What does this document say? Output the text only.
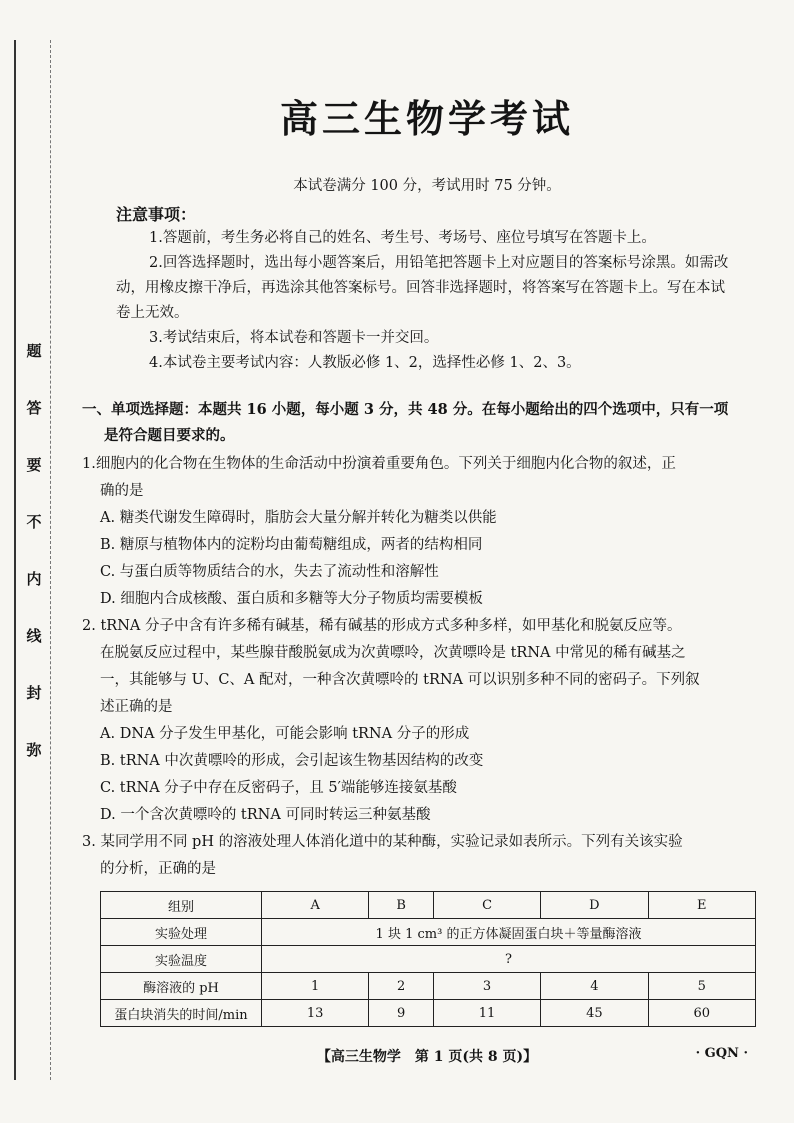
题
答
要
不
内
线
封
弥
高三生物学考试
本试卷满分 100 分，考试用时 75 分钟。
注意事项：

1.答题前，考生务必将自己的姓名、考生号、考场号、座位号填写在答题卡上。

2.回答选择题时，选出每小题答案后，用铅笔把答题卡上对应题目的答案标号涂黑。如需改动，用橡皮擦干净后，再选涂其他答案标号。回答非选择题时，将答案写在答题卡上。写在本试卷上无效。

3.考试结束后，将本试卷和答题卡一并交回。

4.本试卷主要考试内容：人教版必修 1、2，选择性必修 1、2、3。

一、单项选择题：本题共 16 小题，每小题 3 分，共 48 分。在每小题给出的四个选项中，只有一项
是符合题目要求的。

1.细胞内的化合物在生物体的生命活动中扮演着重要角色。下列关于细胞内化合物的叙述，正

确的是

A. 糖类代谢发生障碍时，脂肪会大量分解并转化为糖类以供能

B. 糖原与植物体内的淀粉均由葡萄糖组成，两者的结构相同

C. 与蛋白质等物质结合的水，失去了流动性和溶解性

D. 细胞内合成核酸、蛋白质和多糖等大分子物质均需要模板

2. tRNA 分子中含有许多稀有碱基，稀有碱基的形成方式多种多样，如甲基化和脱氨反应等。

在脱氨反应过程中，某些腺苷酸脱氨成为次黄嘌呤，次黄嘌呤是 tRNA 中常见的稀有碱基之

一，其能够与 U、C、A 配对，一种含次黄嘌呤的 tRNA 可以识别多种不同的密码子。下列叙

述正确的是

A. DNA 分子发生甲基化，可能会影响 tRNA 分子的形成

B. tRNA 中次黄嘌呤的形成，会引起该生物基因结构的改变

C. tRNA 分子中存在反密码子，且 5′端能够连接氨基酸

D. 一个含次黄嘌呤的 tRNA 可同时转运三种氨基酸

3. 某同学用不同 pH 的溶液处理人体消化道中的某种酶，实验记录如表所示。下列有关该实验

的分析，正确的是

组别	A	B	C	D	E
实验处理	1 块 1 cm³ 的正方体凝固蛋白块＋等量酶溶液				
实验温度	?				
酶溶液的 pH	1	2	3	4	5
蛋白块消失的时间/min	13	9	11	45	60
【高三生物学　第 1 页(共 8 页)】	· GQN ·
